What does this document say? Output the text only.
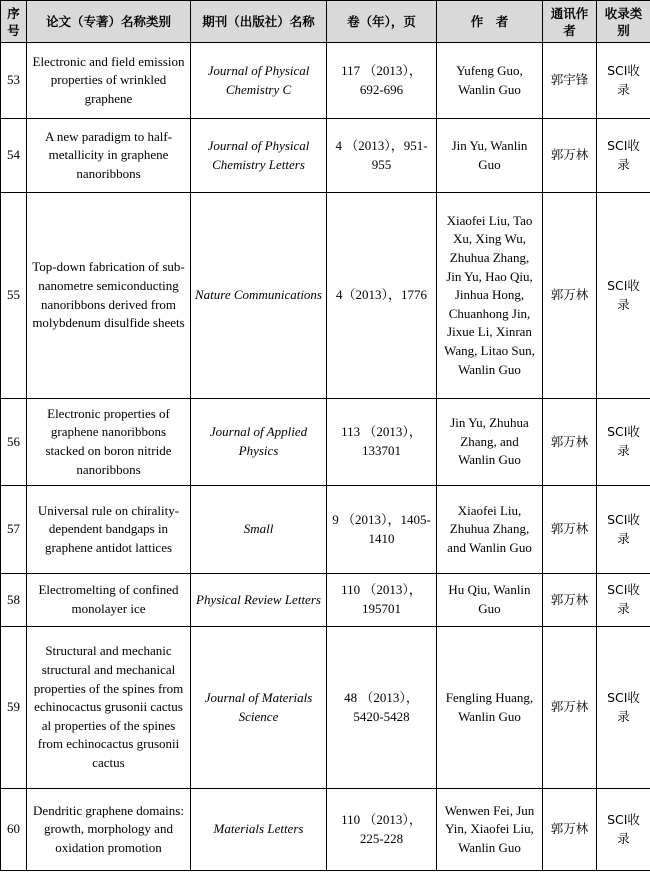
序号	论文（专著）名称类别	期刊（出版社）名称	卷（年），页	作　者	通讯作者	收录类别
53	Electronic and field emission properties of wrinkled graphene	Journal of Physical Chemistry C	117 （2013），692-696	Yufeng Guo, Wanlin Guo	郭宇锋	SCI收录
54	A new paradigm to half-metallicity in graphene nanoribbons	Journal of Physical Chemistry Letters	4 （2013），951-955	Jin Yu, Wanlin Guo	郭万林	SCI收录
55	Top-down fabrication of sub-nanometre semiconducting nanoribbons derived from molybdenum disulfide sheets	Nature Communications	4（2013），1776	Xiaofei Liu, Tao Xu, Xing Wu, Zhuhua Zhang, Jin Yu, Hao Qiu, Jinhua Hong, Chuanhong Jin, Jixue Li, Xinran Wang, Litao Sun, Wanlin Guo	郭万林	SCI收录
56	Electronic properties of graphene nanoribbons stacked on boron nitride nanoribbons	Journal of Applied Physics	113 （2013），133701	Jin Yu, Zhuhua Zhang, and Wanlin Guo	郭万林	SCI收录
57	Universal rule on chirality-dependent bandgaps in graphene antidot lattices	Small	9 （2013），1405-1410	Xiaofei Liu, Zhuhua Zhang, and Wanlin Guo	郭万林	SCI收录
58	Electromelting of confined monolayer ice	Physical Review Letters	110 （2013），195701	Hu Qiu, Wanlin Guo	郭万林	SCI收录
59	Structural and mechanic structural and mechanical properties of the spines from echinocactus grusonii cactus al properties of the spines from echinocactus grusonii cactus	Journal of Materials Science	48 （2013），5420-5428	Fengling Huang, Wanlin Guo	郭万林	SCI收录
60	Dendritic graphene domains: growth, morphology and oxidation promotion	Materials Letters	110 （2013），225-228	Wenwen Fei, Jun Yin, Xiaofei Liu, Wanlin Guo	郭万林	SCI收录
